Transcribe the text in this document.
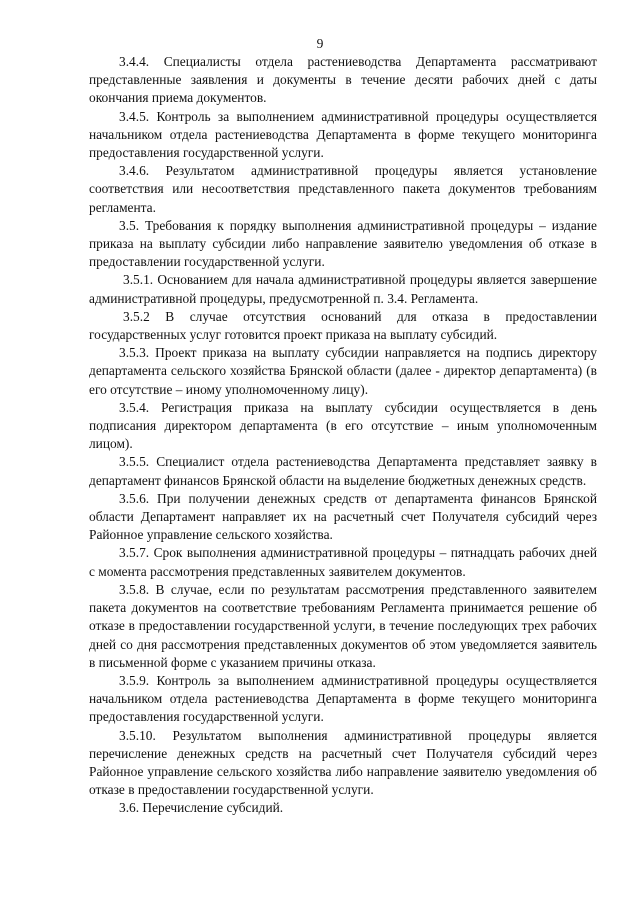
9

3.4.4. Специалисты отдела растениеводства Департамента рассматривают представленные заявления и документы в течение десяти рабочих дней с даты окончания приема документов.

3.4.5. Контроль за выполнением административной процедуры осуществляется начальником отдела растениеводства Департамента в форме текущего мониторинга предоставления государственной услуги.

3.4.6. Результатом административной процедуры является установление соответствия или несоответствия представленного пакета документов требованиям регламента.

3.5. Требования к порядку выполнения административной процедуры – издание приказа на выплату субсидии либо направление заявителю уведомления об отказе в предоставлении государственной услуги.

3.5.1. Основанием для начала административной процедуры является завершение административной процедуры, предусмотренной п. 3.4. Регламента.

3.5.2 В случае отсутствия оснований для отказа в предоставлении государственных услуг готовится проект приказа на выплату субсидий.

3.5.3. Проект приказа на выплату субсидии направляется на подпись директору департамента сельского хозяйства Брянской области (далее - директор департамента) (в его отсутствие – иному уполномоченному лицу).

3.5.4. Регистрация приказа на выплату субсидии осуществляется в день подписания директором департамента (в его отсутствие – иным уполномоченным лицом).

3.5.5. Специалист отдела растениеводства Департамента представляет заявку в департамент финансов Брянской области на выделение бюджетных денежных средств.

3.5.6. При получении денежных средств от департамента финансов Брянской области Департамент направляет их на расчетный счет Получателя субсидий через Районное управление сельского хозяйства.

3.5.7. Срок выполнения административной процедуры – пятнадцать рабочих дней с момента рассмотрения представленных заявителем документов.

3.5.8. В случае, если по результатам рассмотрения представленного заявителем пакета документов на соответствие требованиям Регламента принимается решение об отказе в предоставлении государственной услуги, в течение последующих трех рабочих дней со дня рассмотрения представленных документов об этом уведомляется заявитель в письменной форме с указанием причины отказа.

3.5.9. Контроль за выполнением административной процедуры осуществляется начальником отдела растениеводства Департамента в форме текущего мониторинга предоставления государственной услуги.

3.5.10. Результатом выполнения административной процедуры является перечисление денежных средств на расчетный счет Получателя субсидий через Районное управление сельского хозяйства либо направление заявителю уведомления об отказе в предоставлении государственной услуги.

3.6. Перечисление субсидий.
